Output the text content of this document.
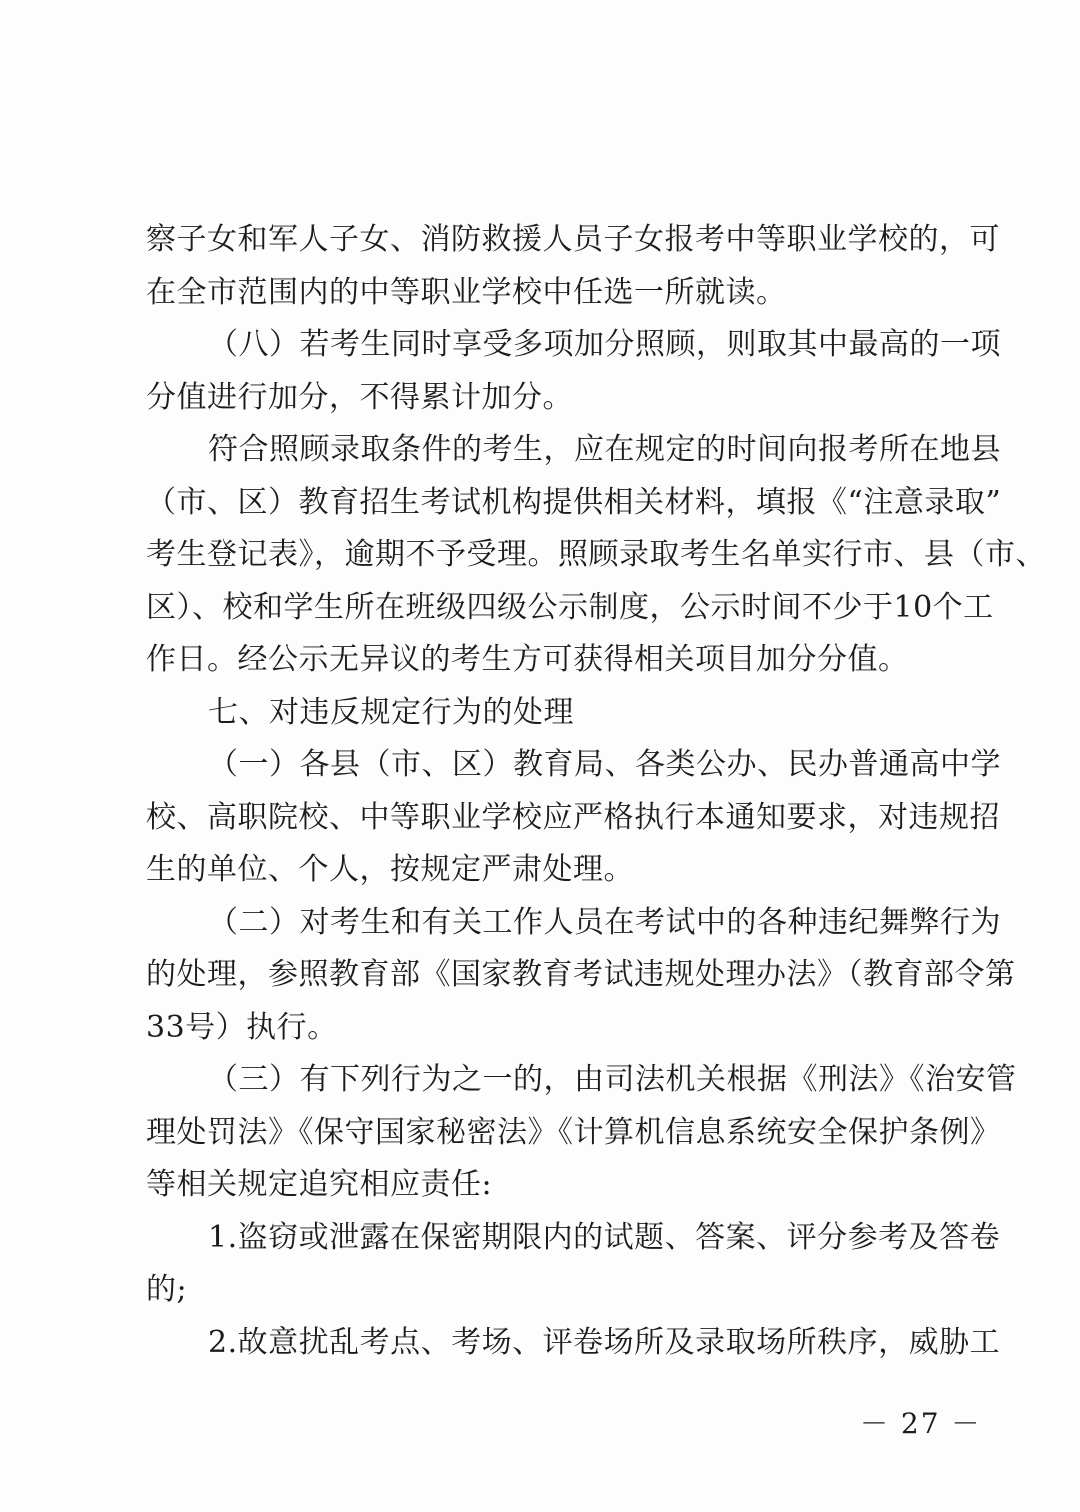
察子女和军人子女、消防救援人员子女报考中等职业学校的，可
在全市范围内的中等职业学校中任选一所就读。
（八）若考生同时享受多项加分照顾，则取其中最高的一项
分值进行加分，不得累计加分。
符合照顾录取条件的考生，应在规定的时间向报考所在地县
（市、区）教育招生考试机构提供相关材料，填报《“注意录取”
考生登记表》，逾期不予受理。照顾录取考生名单实行市、县（市、
区）、校和学生所在班级四级公示制度，公示时间不少于10个工
作日。经公示无异议的考生方可获得相关项目加分分值。
七、对违反规定行为的处理
（一）各县（市、区）教育局、各类公办、民办普通高中学
校、高职院校、中等职业学校应严格执行本通知要求，对违规招
生的单位、个人，按规定严肃处理。
（二）对考生和有关工作人员在考试中的各种违纪舞弊行为
的处理，参照教育部《国家教育考试违规处理办法》（教育部令第
33号）执行。
（三）有下列行为之一的，由司法机关根据《刑法》《治安管
理处罚法》《保守国家秘密法》《计算机信息系统安全保护条例》
等相关规定追究相应责任:
1.盗窃或泄露在保密期限内的试题、答案、评分参考及答卷
的;
2.故意扰乱考点、考场、评卷场所及录取场所秩序，威胁工
－ 27 －
